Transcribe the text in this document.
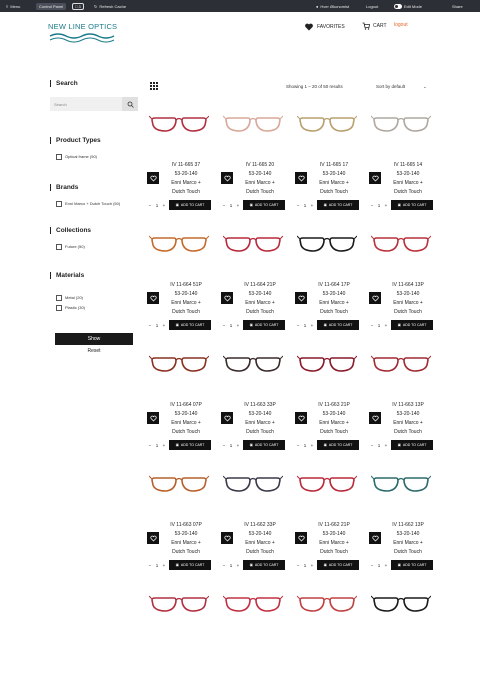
≡ Menu	Control Panel	□ 3	↻ Refresh Cache	● Hver Økonomist	Logout	Edit Mode	Share
NEW LINE OPTICS	FAVORITES	CART logout
Search
Search
Product Types
Optical frame (50)
Brands
Enni Marco + Dutch Touch (50)
Collections
Future (50)
Materials
Metal (20)
Plastic (30)
Show
Reset
Showing 1 – 20 of 50 results	Sort by default	⌄
IV 11-665 37
53-20-140
Enni Marco +
Dutch Touch
− 1 +	▣ ADD TO CART
IV 11-665 20
53-20-140
Enni Marco +
Dutch Touch
− 1 +	▣ ADD TO CART
IV 11-665 17
53-20-140
Enni Marco +
Dutch Touch
− 1 +	▣ ADD TO CART
IV 11-665 14
53-20-140
Enni Marco +
Dutch Touch
− 1 +	▣ ADD TO CART
IV 11-664 51P
53-20-140
Enni Marco +
Dutch Touch
− 1 +	▣ ADD TO CART
IV 11-664 21P
53-20-140
Enni Marco +
Dutch Touch
− 1 +	▣ ADD TO CART
IV 11-664 17P
53-20-140
Enni Marco +
Dutch Touch
− 1 +	▣ ADD TO CART
IV 11-664 13P
53-20-140
Enni Marco +
Dutch Touch
− 1 +	▣ ADD TO CART
IV 11-664 07P
53-20-140
Enni Marco +
Dutch Touch
− 1 +	▣ ADD TO CART
IV 11-663 33P
53-20-140
Enni Marco +
Dutch Touch
− 1 +	▣ ADD TO CART
IV 11-663 21P
53-20-140
Enni Marco +
Dutch Touch
− 1 +	▣ ADD TO CART
IV 11-663 13P
53-20-140
Enni Marco +
Dutch Touch
− 1 +	▣ ADD TO CART
IV 11-663 07P
53-20-140
Enni Marco +
Dutch Touch
− 1 +	▣ ADD TO CART
IV 11-662 33P
53-20-140
Enni Marco +
Dutch Touch
− 1 +	▣ ADD TO CART
IV 11-662 21P
53-20-140
Enni Marco +
Dutch Touch
− 1 +	▣ ADD TO CART
IV 11-662 13P
53-20-140
Enni Marco +
Dutch Touch
− 1 +	▣ ADD TO CART
